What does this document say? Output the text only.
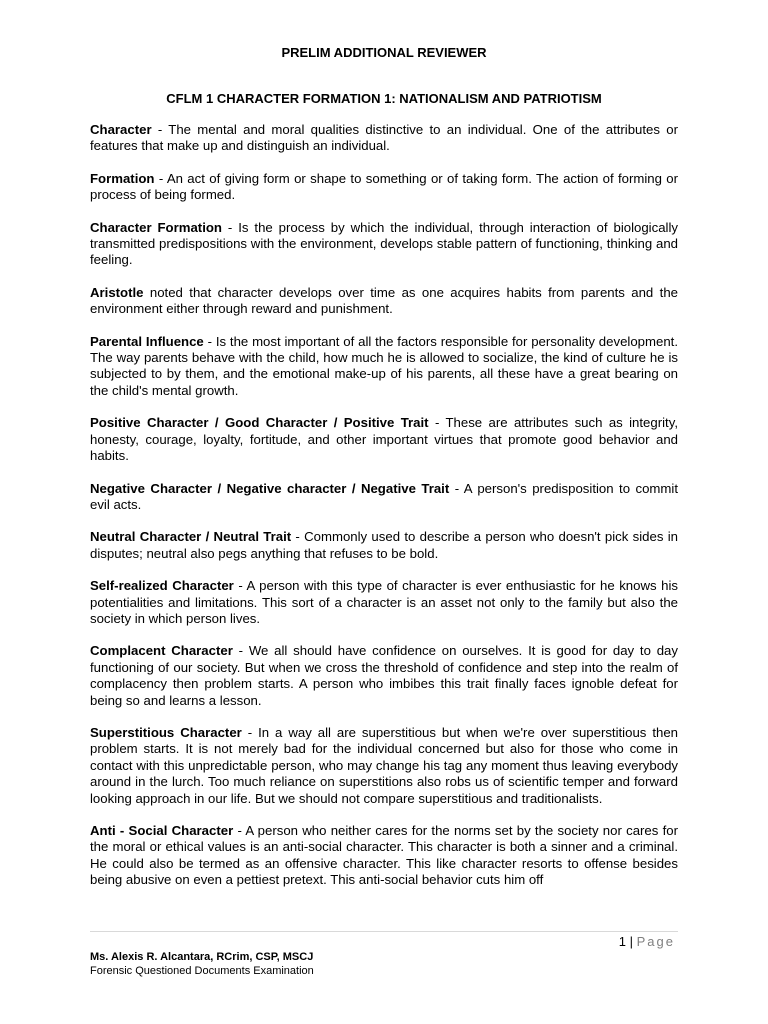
PRELIM ADDITIONAL REVIEWER

CFLM 1 CHARACTER FORMATION 1: NATIONALISM AND PATRIOTISM

Character - The mental and moral qualities distinctive to an individual. One of the attributes or features that make up and distinguish an individual.

Formation - An act of giving form or shape to something or of taking form. The action of forming or process of being formed.

Character Formation - Is the process by which the individual, through interaction of biologically transmitted predispositions with the environment, develops stable pattern of functioning, thinking and feeling.

Aristotle noted that character develops over time as one acquires habits from parents and the environment either through reward and punishment.

Parental Influence - Is the most important of all the factors responsible for personality development. The way parents behave with the child, how much he is allowed to socialize, the kind of culture he is subjected to by them, and the emotional make-up of his parents, all these have a great bearing on the child's mental growth.

Positive Character / Good Character / Positive Trait - These are attributes such as integrity, honesty, courage, loyalty, fortitude, and other important virtues that promote good behavior and habits.

Negative Character / Negative character / Negative Trait - A person's predisposition to commit evil acts.

Neutral Character / Neutral Trait - Commonly used to describe a person who doesn't pick sides in disputes; neutral also pegs anything that refuses to be bold.

Self-realized Character - A person with this type of character is ever enthusiastic for he knows his potentialities and limitations. This sort of a character is an asset not only to the family but also the society in which person lives.

Complacent Character - We all should have confidence on ourselves. It is good for day to day functioning of our society. But when we cross the threshold of confidence and step into the realm of complacency then problem starts. A person who imbibes this trait finally faces ignoble defeat for being so and learns a lesson.

Superstitious Character - In a way all are superstitious but when we're over superstitious then problem starts. It is not merely bad for the individual concerned but also for those who come in contact with this unpredictable person, who may change his tag any moment thus leaving everybody around in the lurch. Too much reliance on superstitions also robs us of scientific temper and forward looking approach in our life. But we should not compare superstitious and traditionalists.

Anti - Social Character - A person who neither cares for the norms set by the society nor cares for the moral or ethical values is an anti-social character. This character is both a sinner and a criminal. He could also be termed as an offensive character. This like character resorts to offense besides being abusive on even a pettiest pretext. This anti-social behavior cuts him off

1 | Page
Ms. Alexis R. Alcantara, RCrim, CSP, MSCJ
Forensic Questioned Documents Examination
